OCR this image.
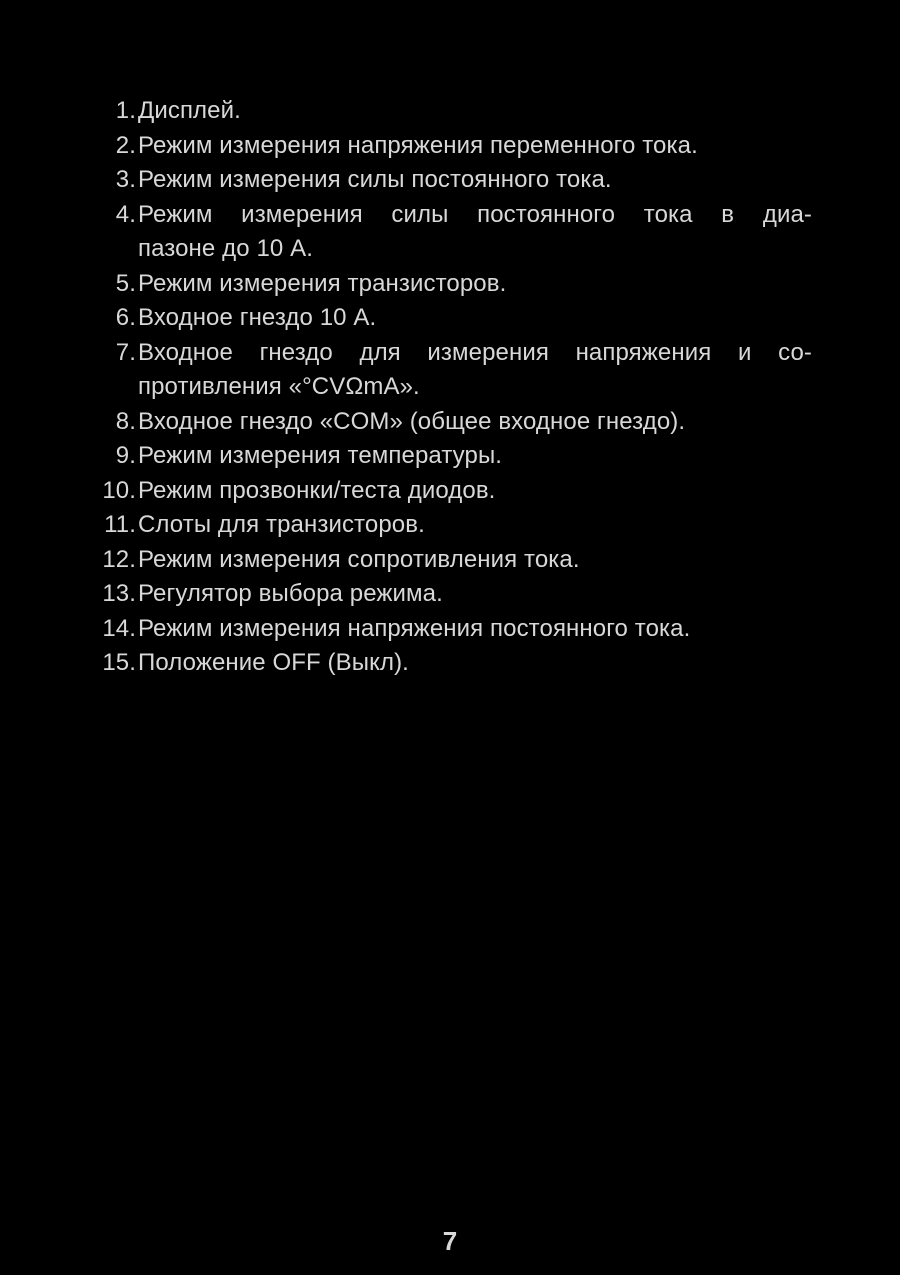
1. Дисплей.
2. Режим измерения напряжения переменного тока.
3. Режим измерения силы постоянного тока.
4. Режим измерения силы постоянного тока в диа-
пазоне до 10 А.
5. Режим измерения транзисторов.
6. Входное гнездо 10 А.
7. Входное гнездо для измерения напряжения и со-
противления «°CVΩmA».
8. Входное гнездо «COM» (общее входное гнездо).
9. Режим измерения температуры.
10. Режим прозвонки/теста диодов.
11. Слоты для транзисторов.
12. Режим измерения сопротивления тока.
13. Регулятор выбора режима.
14. Режим измерения напряжения постоянного тока.
15. Положение OFF (Выкл).
7
